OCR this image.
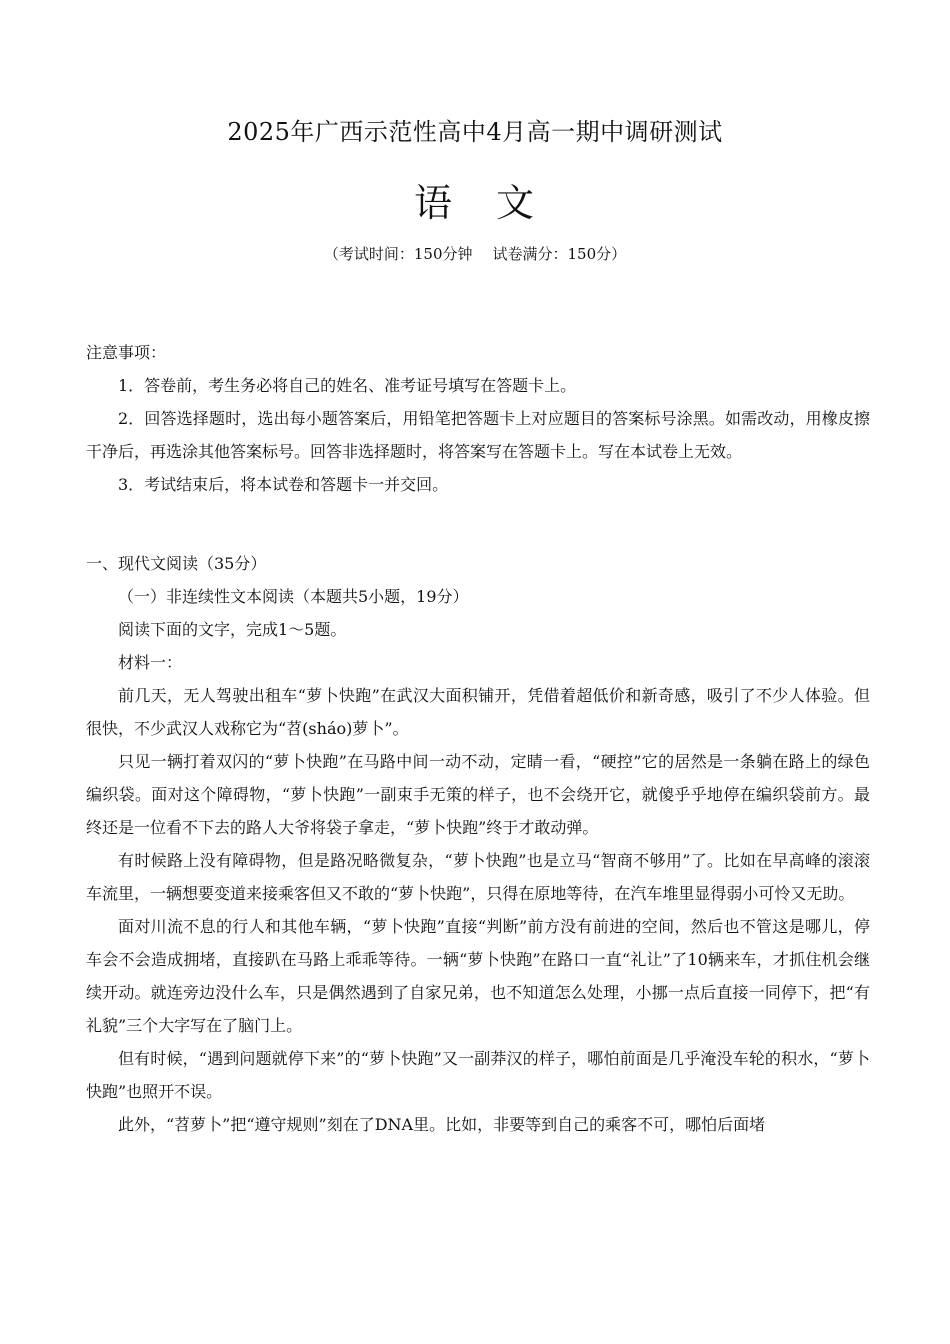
2025年广西示范性高中4月高一期中调研测试
语 文
（考试时间：150分钟 试卷满分：150分）

注意事项：

1．答卷前，考生务必将自己的姓名、准考证号填写在答题卡上。

2．回答选择题时，选出每小题答案后，用铅笔把答题卡上对应题目的答案标号涂黑。如需改动，用橡皮擦干净后，再选涂其他答案标号。回答非选择题时，将答案写在答题卡上。写在本试卷上无效。

3．考试结束后，将本试卷和答题卡一并交回。

一、现代文阅读（35分）

（一）非连续性文本阅读（本题共5小题，19分）

阅读下面的文字，完成1～5题。

材料一：

前几天，无人驾驶出租车“萝卜快跑”在武汉大面积铺开，凭借着超低价和新奇感，吸引了不少人体验。但很快，不少武汉人戏称它为“苕(sháo)萝卜”。

只见一辆打着双闪的“萝卜快跑”在马路中间一动不动，定睛一看，“硬控”它的居然是一条躺在路上的绿色编织袋。面对这个障碍物，“萝卜快跑”一副束手无策的样子，也不会绕开它，就傻乎乎地停在编织袋前方。最终还是一位看不下去的路人大爷将袋子拿走，“萝卜快跑”终于才敢动弹。

有时候路上没有障碍物，但是路况略微复杂，“萝卜快跑”也是立马“智商不够用”了。比如在早高峰的滚滚车流里，一辆想要变道来接乘客但又不敢的“萝卜快跑”，只得在原地等待，在汽车堆里显得弱小可怜又无助。

面对川流不息的行人和其他车辆，“萝卜快跑”直接“判断”前方没有前进的空间，然后也不管这是哪儿，停车会不会造成拥堵，直接趴在马路上乖乖等待。一辆“萝卜快跑”在路口一直“礼让”了10辆来车，才抓住机会继续开动。就连旁边没什么车，只是偶然遇到了自家兄弟，也不知道怎么处理，小挪一点后直接一同停下，把“有礼貌”三个大字写在了脑门上。

但有时候，“遇到问题就停下来”的“萝卜快跑”又一副莽汉的样子，哪怕前面是几乎淹没车轮的积水，“萝卜快跑”也照开不误。

此外，“苕萝卜”把“遵守规则”刻在了DNA里。比如，非要等到自己的乘客不可，哪怕后面堵
